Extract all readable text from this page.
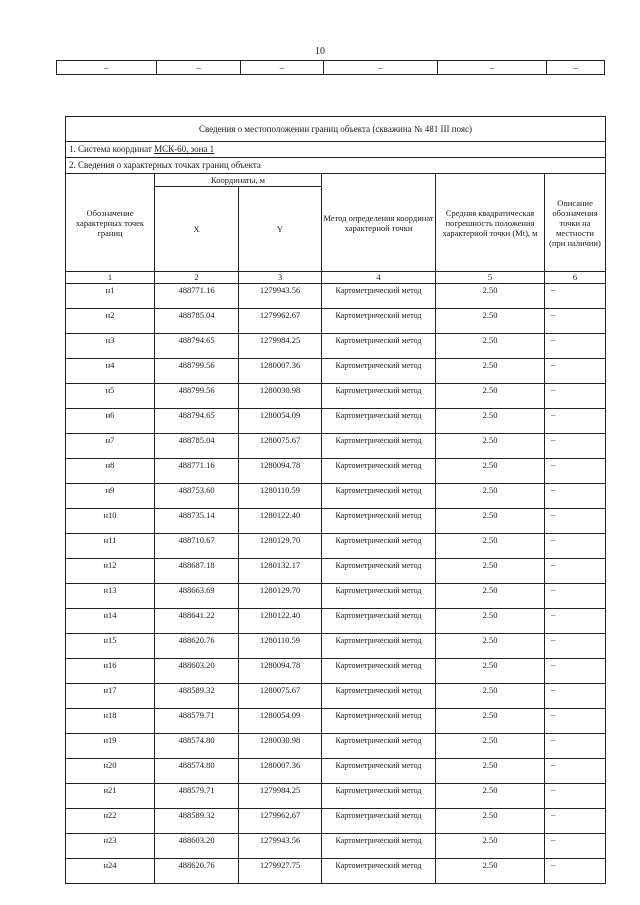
10
–	–	–	–	–	–
Сведения о местоположении границ объекта (скважина № 481 III пояс)					
1. Система координат МСК-60, зона 1					
2. Сведения о характерных точках границ объекта					
Обозначение характерных точек границ	Координаты, м		Метод определения координат характерной точки	Средняя квадратическая погрешность положения характерной точки (Mt), м	Описание обозначения точки на местности (при наличии)
	X	Y			
1	2	3	4	5	6
н1	488771.16	1279943.56	Картометрический метод	2.50	–
н2	488785.04	1279962.67	Картометрический метод	2.50	–
н3	488794.65	1279984.25	Картометрический метод	2.50	–
н4	488799.56	1280007.36	Картометрический метод	2.50	–
н5	488799.56	1280030.98	Картометрический метод	2.50	–
н6	488794.65	1280054.09	Картометрический метод	2.50	–
н7	488785.04	1280075.67	Картометрический метод	2.50	–
н8	488771.16	1280094.78	Картометрический метод	2.50	–
н9	488753.60	1280110.59	Картометрический метод	2.50	–
н10	488735.14	1280122.40	Картометрический метод	2.50	–
н11	488710.67	1280129.70	Картометрический метод	2.50	–
н12	488687.18	1280132.17	Картометрический метод	2.50	–
н13	488663.69	1280129.70	Картометрический метод	2.50	–
н14	488641.22	1280122.40	Картометрический метод	2.50	–
н15	488620.76	1280110.59	Картометрический метод	2.50	–
н16	488603.20	1280094.78	Картометрический метод	2.50	–
н17	488589.32	1280075.67	Картометрический метод	2.50	–
н18	488579.71	1280054.09	Картометрический метод	2.50	–
н19	488574.80	1280030.98	Картометрический метод	2.50	–
н20	488574.80	1280007.36	Картометрический метод	2.50	–
н21	488579.71	1279984.25	Картометрический метод	2.50	–
н22	488589.32	1279962.67	Картометрический метод	2.50	–
н23	488603.20	1279943.56	Картометрический метод	2.50	–
н24	488620.76	1279927.75	Картометрический метод	2.50	–
